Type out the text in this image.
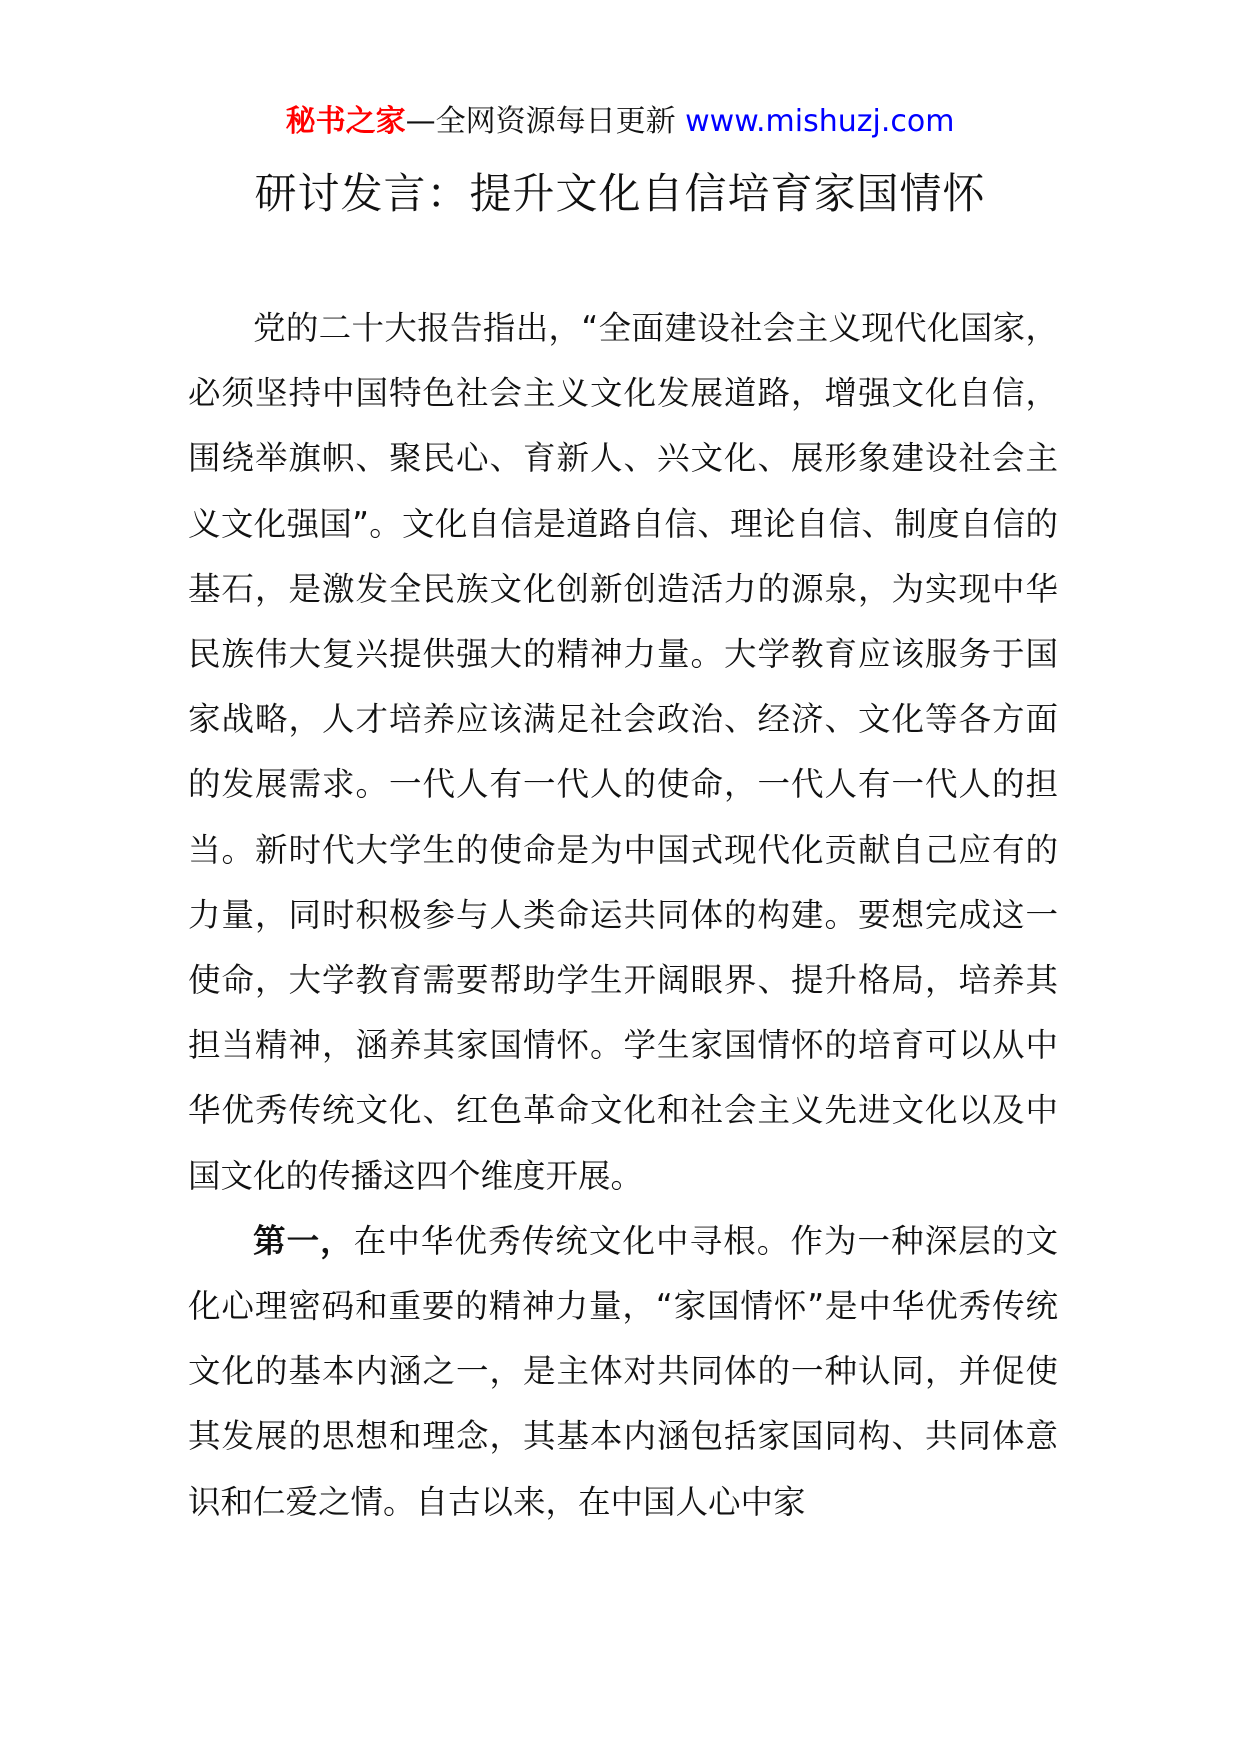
秘书之家—全网资源每日更新 www.mishuzj.com
研讨发言：提升文化自信培育家国情怀

党的二十大报告指出，“全面建设社会主义现代化国家，必须坚持中国特色社会主义文化发展道路，增强文化自信，围绕举旗帜、聚民心、育新人、兴文化、展形象建设社会主义文化强国”。文化自信是道路自信、理论自信、制度自信的基石，是激发全民族文化创新创造活力的源泉，为实现中华民族伟大复兴提供强大的精神力量。大学教育应该服务于国家战略，人才培养应该满足社会政治、经济、文化等各方面的发展需求。一代人有一代人的使命，一代人有一代人的担当。新时代大学生的使命是为中国式现代化贡献自己应有的力量，同时积极参与人类命运共同体的构建。要想完成这一使命，大学教育需要帮助学生开阔眼界、提升格局，培养其担当精神，涵养其家国情怀。学生家国情怀的培育可以从中华优秀传统文化、红色革命文化和社会主义先进文化以及中国文化的传播这四个维度开展。

第一，在中华优秀传统文化中寻根。作为一种深层的文化心理密码和重要的精神力量，“家国情怀”是中华优秀传统文化的基本内涵之一，是主体对共同体的一种认同，并促使其发展的思想和理念，其基本内涵包括家国同构、共同体意识和仁爱之情。自古以来，在中国人心中家
